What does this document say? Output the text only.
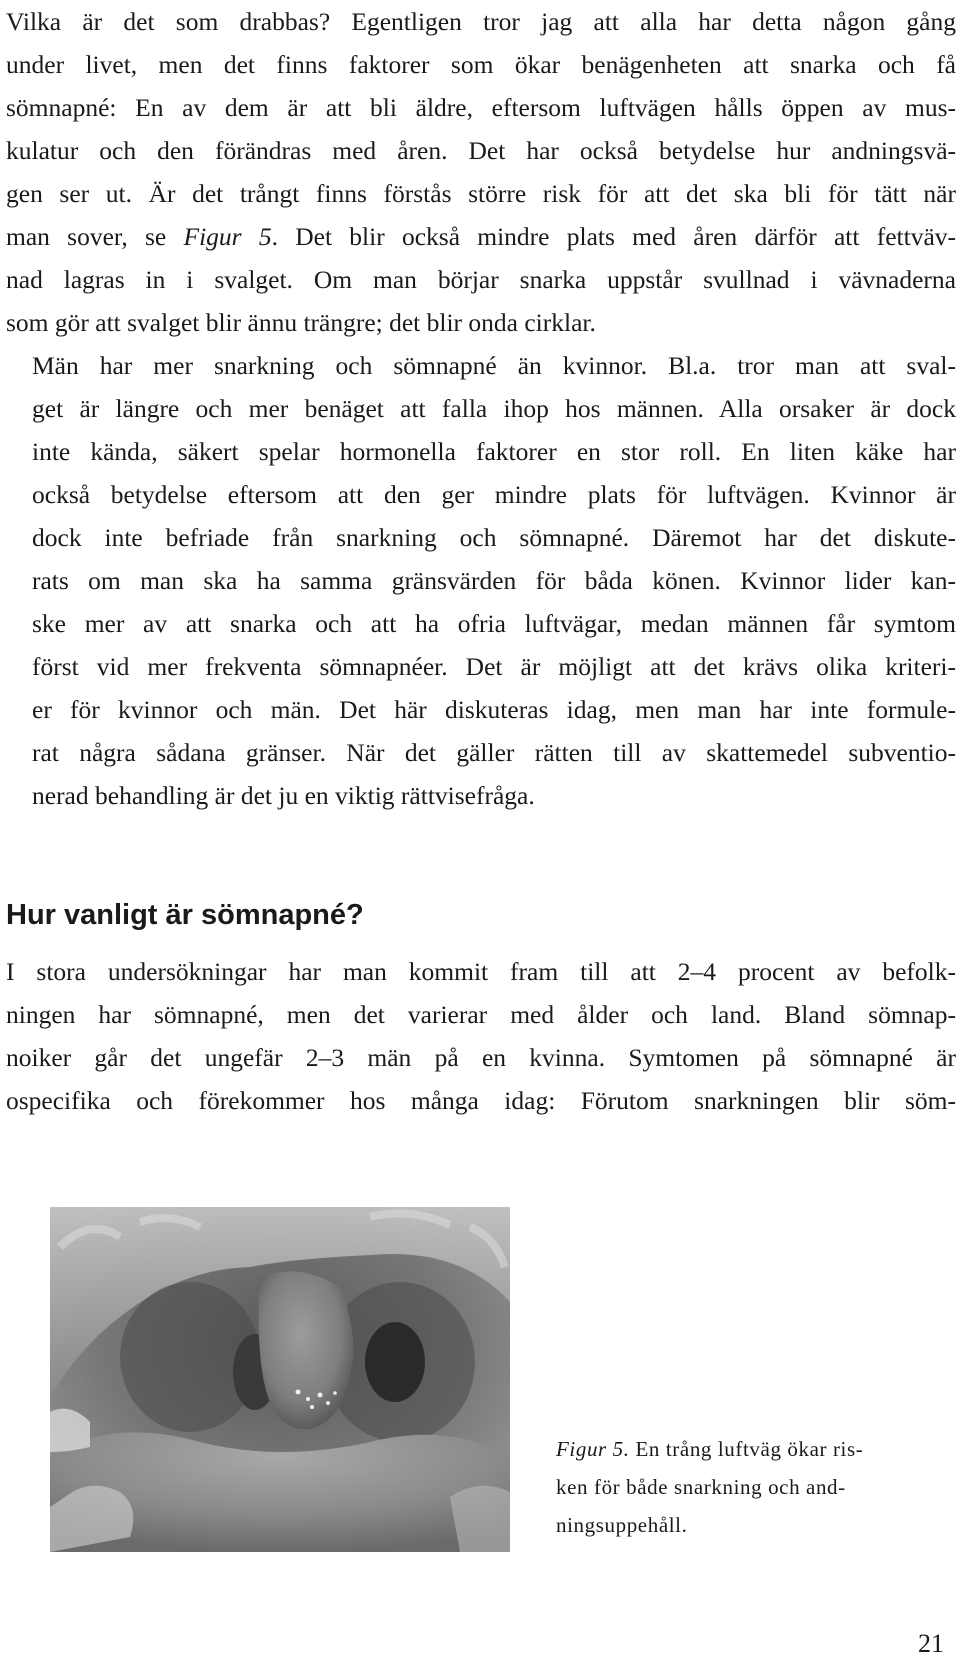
Vilka är det som drabbas? Egentligen tror jag att alla har detta någon gång
under livet, men det finns faktorer som ökar benägenheten att snarka och få
sömnapné: En av dem är att bli äldre, eftersom luftvägen hålls öppen av mus-
kulatur och den förändras med åren. Det har också betydelse hur andningsvä-
gen ser ut. Är det trångt finns förstås större risk för att det ska bli för tätt när
man sover, se Figur 5. Det blir också mindre plats med åren därför att fettväv-
nad lagras in i svalget. Om man börjar snarka uppstår svullnad i vävnaderna
som gör att svalget blir ännu trängre; det blir onda cirklar.
Män har mer snarkning och sömnapné än kvinnor. Bl.a. tror man att sval-
get är längre och mer benäget att falla ihop hos männen. Alla orsaker är dock
inte kända, säkert spelar hormonella faktorer en stor roll. En liten käke har
också betydelse eftersom att den ger mindre plats för luftvägen. Kvinnor är
dock inte befriade från snarkning och sömnapné. Däremot har det diskute-
rats om man ska ha samma gränsvärden för båda könen. Kvinnor lider kan-
ske mer av att snarka och att ha ofria luftvägar, medan männen får symtom
först vid mer frekventa sömnapnéer. Det är möjligt att det krävs olika kriteri-
er för kvinnor och män. Det här diskuteras idag, men man har inte formule-
rat några sådana gränser. När det gäller rätten till av skattemedel subventio-
nerad behandling är det ju en viktig rättvisefråga.
Hur vanligt är sömnapné?
I stora undersökningar har man kommit fram till att 2–4 procent av befolk-
ningen har sömnapné, men det varierar med ålder och land. Bland sömnap-
noiker går det ungefär 2–3 män på en kvinna. Symtomen på sömnapné är
ospecifika och förekommer hos många idag: Förutom snarkningen blir söm-

Figur 5. En trång luftväg ökar ris-
ken för både snarkning och and-
ningsuppehåll.

21
